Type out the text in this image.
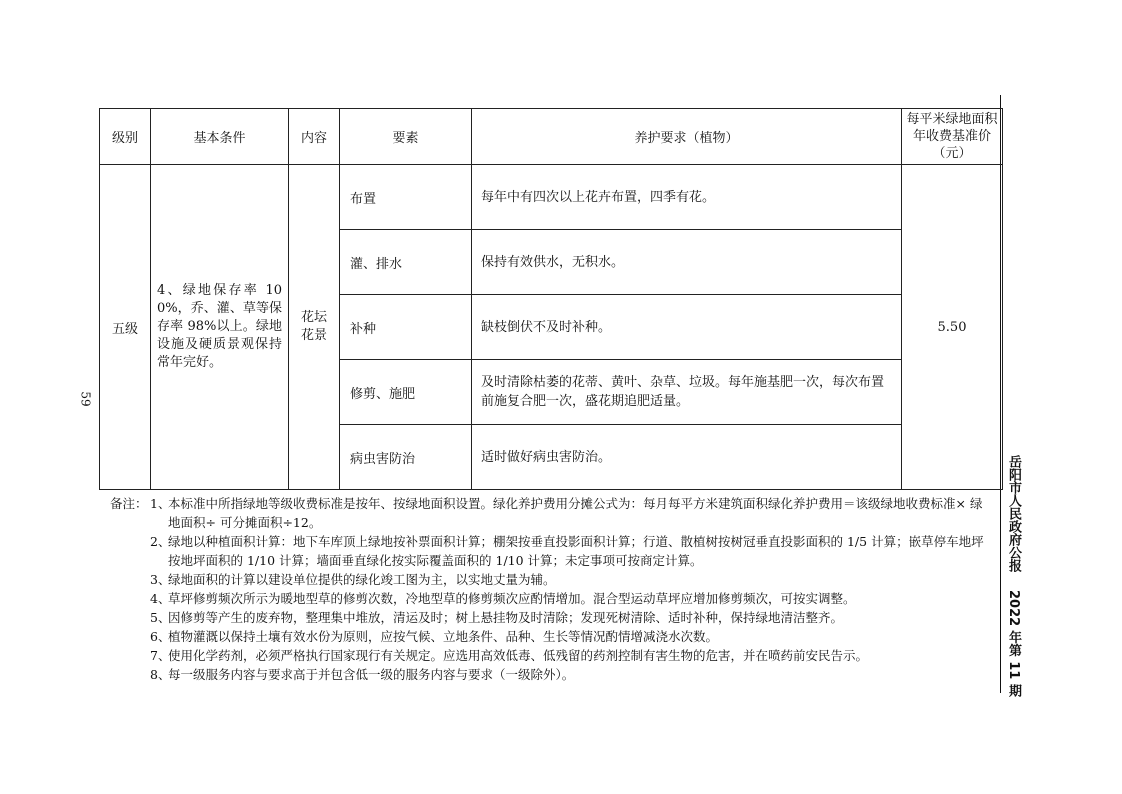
59
岳阳市人民政府公报2022 年第 11 期
级别	基本条件	内容	要素	养护要求（植物）	每平米绿地面积年收费基准价（元）

五级	4、绿地保存率 100%，乔、灌、草等保存率 98%以上。绿地设施及硬质景观保持常年完好。	花坛花景	布置	每年中有四次以上花卉布置，四季有花。	5.50
			灌、排水	保持有效供水，无积水。	

			补种	缺枝倒伏不及时补种。	

			修剪、施肥	及时清除枯萎的花蒂、黄叶、杂草、垃圾。每年施基肥一次，每次布置前施复合肥一次，盛花期追肥适量。	

			病虫害防治	适时做好病虫害防治。	
备注： 1、
本标准中所指绿地等级收费标准是按年、按绿地面积设置。绿化养护费用分摊公式为：每月每平方米建筑面积绿化养护费用＝该级绿地收费标准× 绿地面积÷ 可分摊面积÷12。
2、
绿地以种植面积计算：地下车库顶上绿地按补票面积计算；棚架按垂直投影面积计算；行道、散植树按树冠垂直投影面积的 1/5 计算；嵌草停车地坪按地坪面积的 1/10 计算；墙面垂直绿化按实际覆盖面积的 1/10 计算；未定事项可按商定计算。
3、
绿地面积的计算以建设单位提供的绿化竣工图为主，以实地丈量为辅。
4、
草坪修剪频次所示为暖地型草的修剪次数，冷地型草的修剪频次应酌情增加。混合型运动草坪应增加修剪频次，可按实调整。
5、
因修剪等产生的废弃物，整理集中堆放，清运及时；树上悬挂物及时清除；发现死树清除、适时补种，保持绿地清洁整齐。
6、
植物灌溉以保持土壤有效水份为原则，应按气候、立地条件、品种、生长等情况酌情增减浇水次数。
7、
使用化学药剂，必须严格执行国家现行有关规定。应选用高效低毒、低残留的药剂控制有害生物的危害，并在喷药前安民告示。
8、
每一级服务内容与要求高于并包含低一级的服务内容与要求（一级除外）。
